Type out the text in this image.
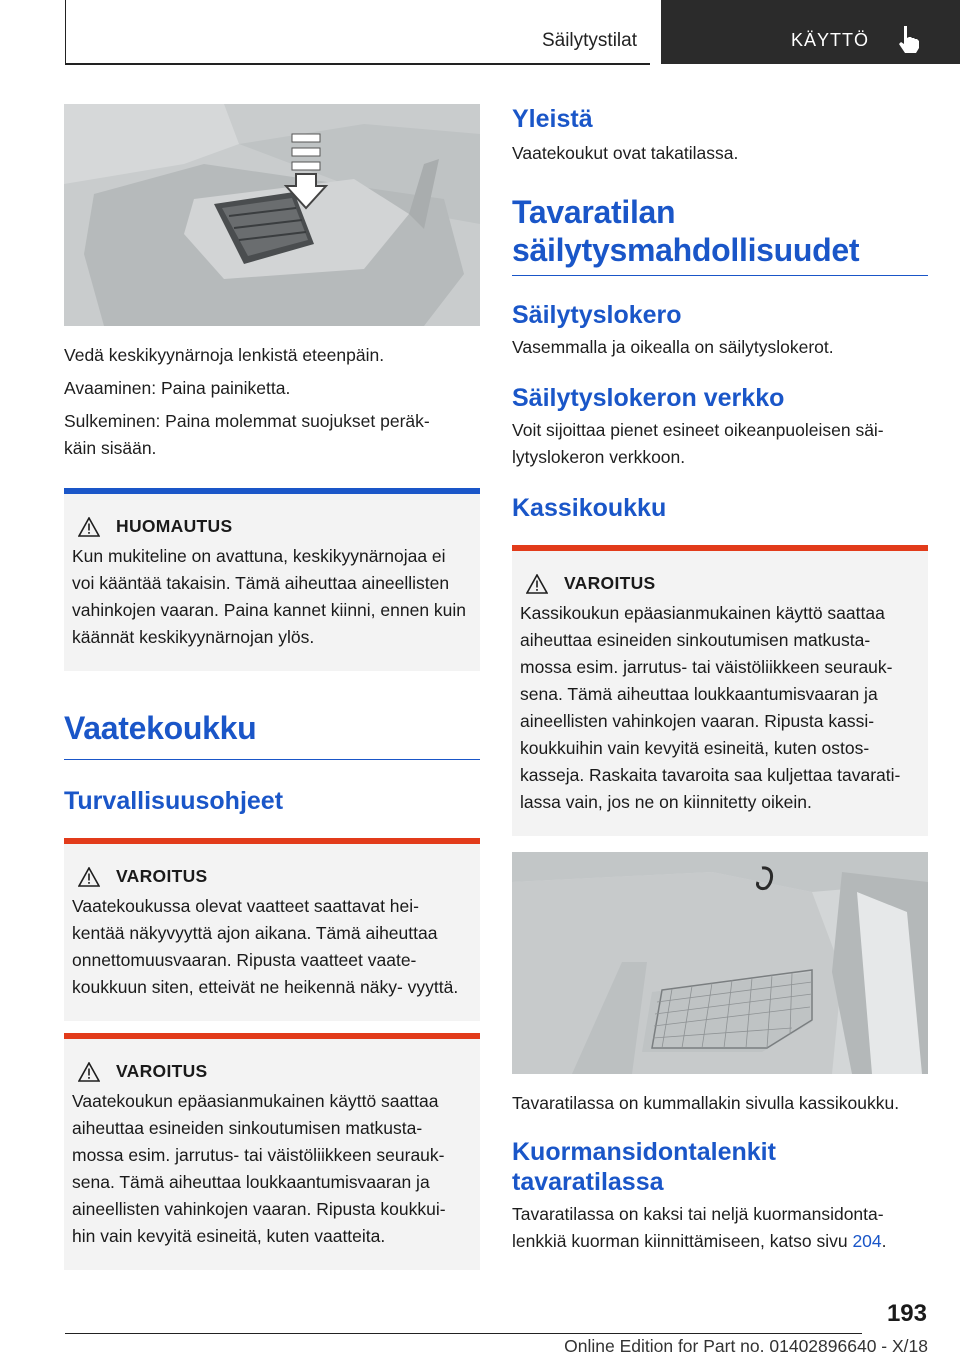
Säilytystilat	KÄYTTÖ

Vedä keskikyynärnoja lenkistä eteenpäin.

Avaaminen: Paina painiketta.

Sulkeminen: Paina molemmat suojukset peräk-
käin sisään.

HUOMAUTUS

Kun mukiteline on avattuna, keskikyynärnojaa ei voi kääntää takaisin. Tämä aiheuttaa aineellisten vahinkojen vaaran. Paina kannet kiinni, ennen kuin käännät keskikyynärnojan ylös.

Vaatekoukku
Turvallisuusohjeet
VAROITUS

Vaatekoukussa olevat vaatteet saattavat hei- kentää näkyvyyttä ajon aikana. Tämä aiheuttaa onnettomuusvaaran. Ripusta vaatteet vaate- koukkuun siten, etteivät ne heikennä näky- vyyttä.

VAROITUS

Vaatekoukun epäasianmukainen käyttö saattaa aiheuttaa esineiden sinkoutumisen matkusta- mossa esim. jarrutus- tai väistöliikkeen seurauk- sena. Tämä aiheuttaa loukkaantumisvaaran ja aineellisten vahinkojen vaaran. Ripusta koukkui- hin vain kevyitä esineitä, kuten vaatteita.

Yleistä

Vaatekoukut ovat takatilassa.

Tavaratilan säilytysmahdollisuudet
Säilytyslokero

Vasemmalla ja oikealla on säilytyslokerot.

Säilytyslokeron verkko

Voit sijoittaa pienet esineet oikeanpuoleisen säi- lytyslokeron verkkoon.

Kassikoukku
VAROITUS

Kassikoukun epäasianmukainen käyttö saattaa aiheuttaa esineiden sinkoutumisen matkusta- mossa esim. jarrutus- tai väistöliikkeen seurauk- sena. Tämä aiheuttaa loukkaantumisvaaran ja aineellisten vahinkojen vaaran. Ripusta kassi- koukkuihin vain kevyitä esineitä, kuten ostos- kasseja. Raskaita tavaroita saa kuljettaa tavarati- lassa vain, jos ne on kiinnitetty oikein.

Tavaratilassa on kummallakin sivulla kassikoukku.

Kuormansidontalenkit tavaratilassa

Tavaratilassa on kaksi tai neljä kuormansidonta- lenkkiä kuorman kiinnittämiseen, katso sivu 204.

193
Online Edition for Part no. 01402896640 - X/18
